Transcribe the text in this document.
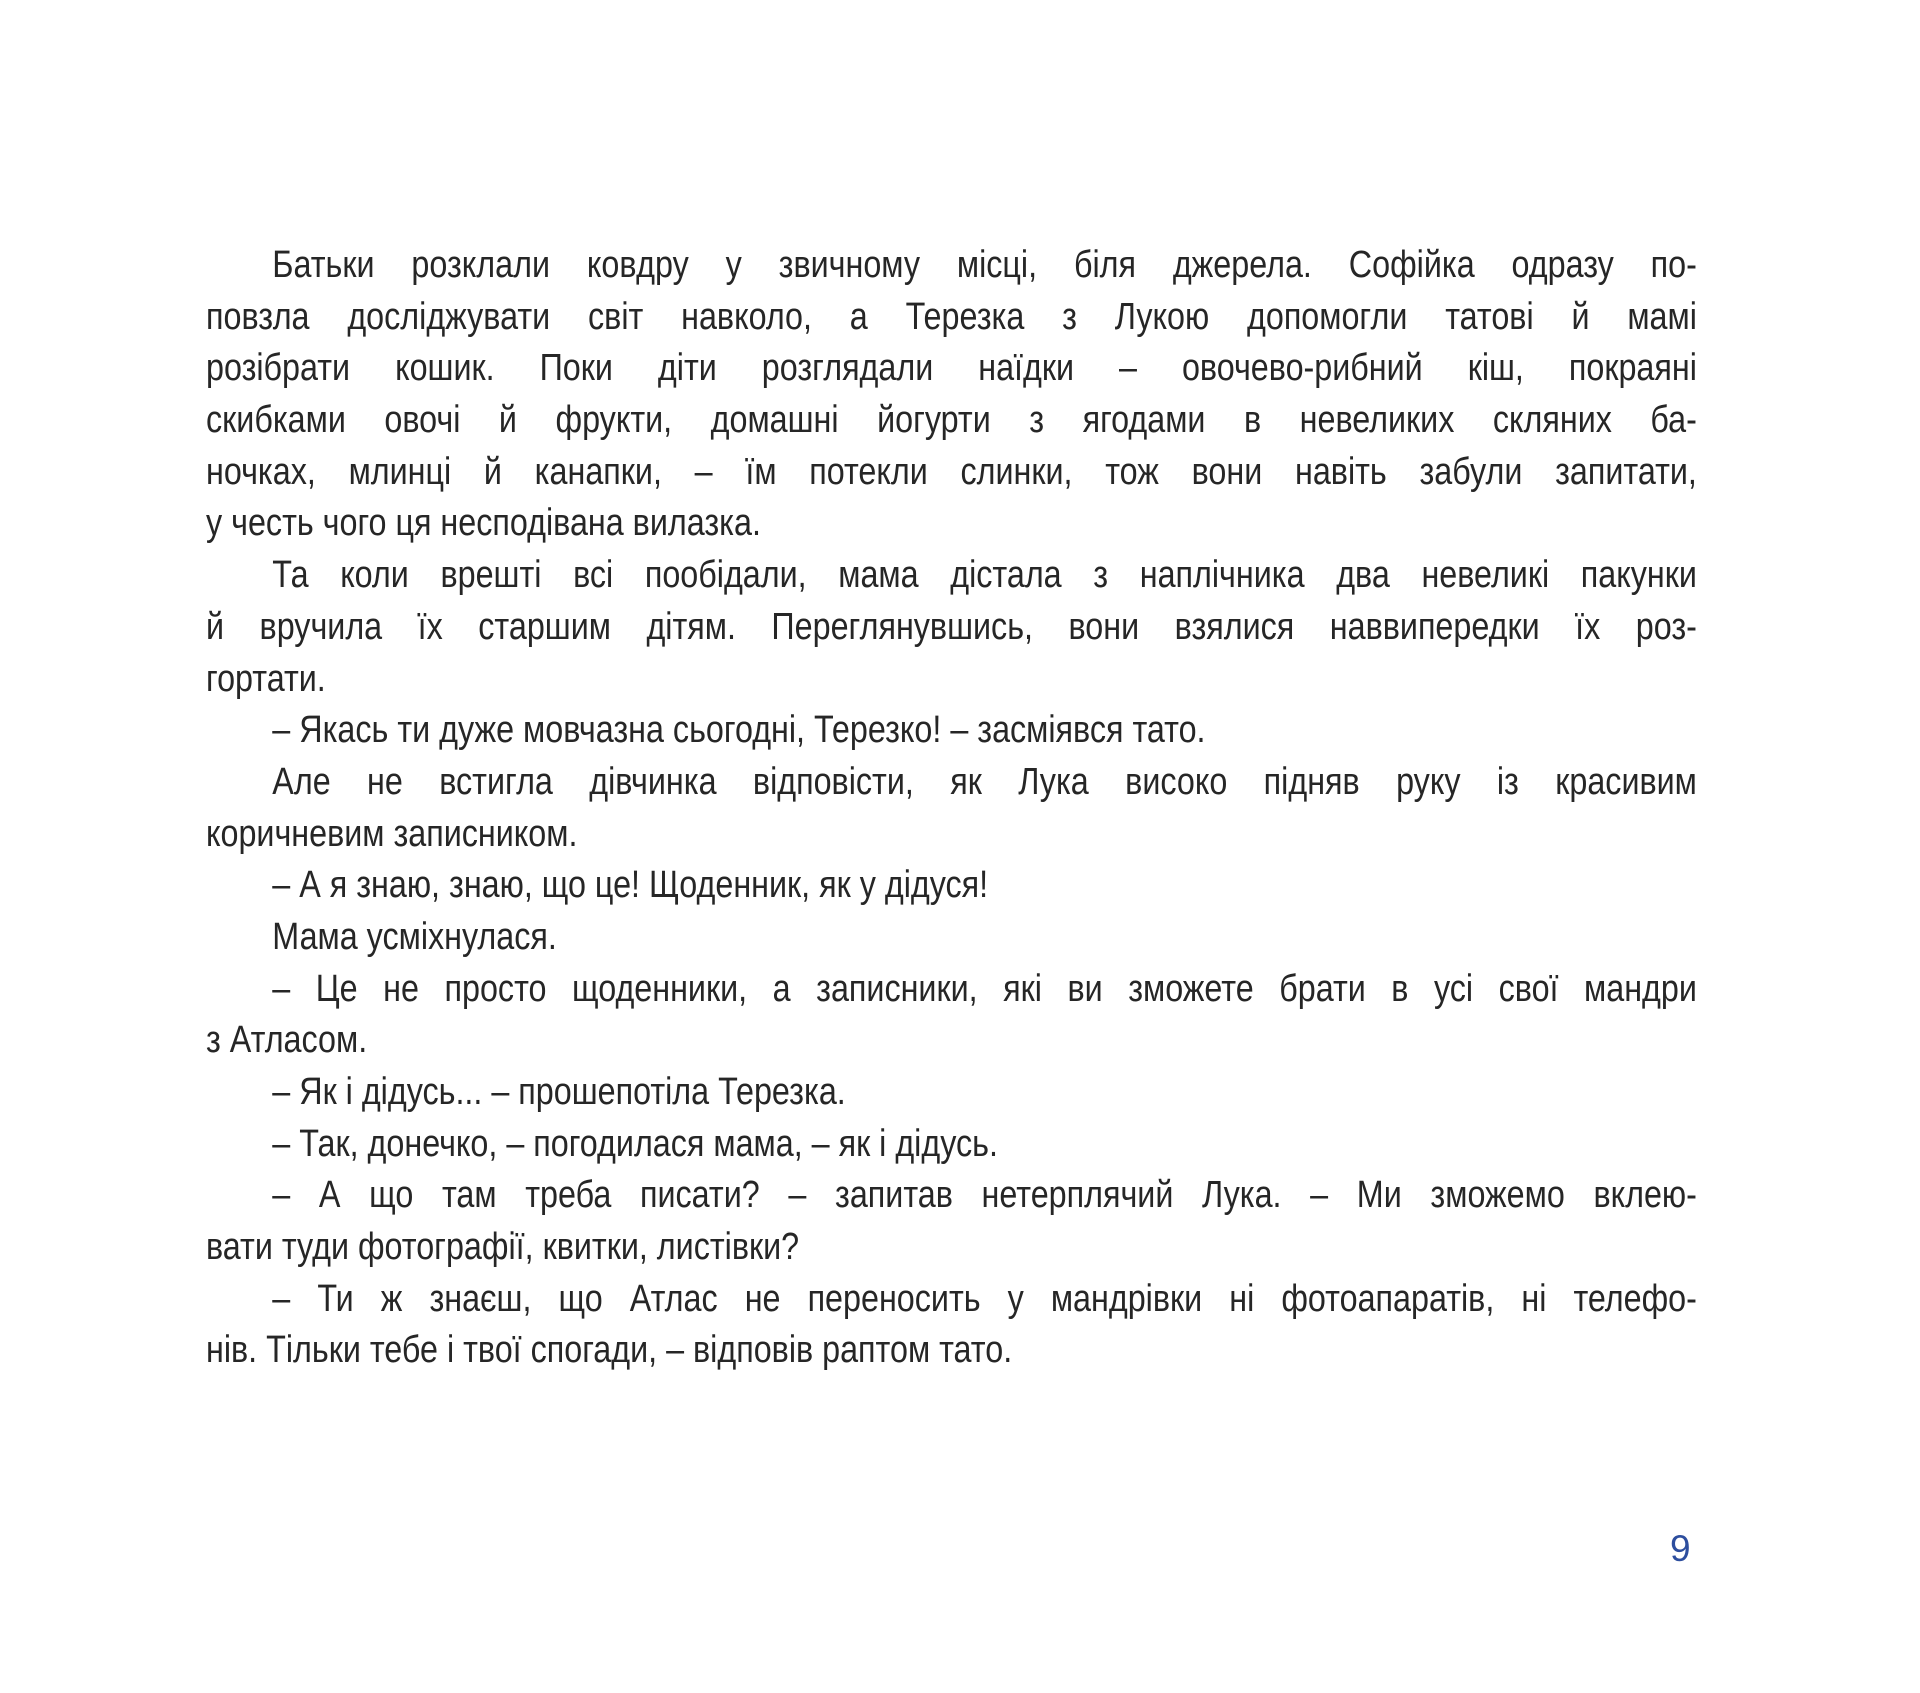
Батьки розклали ковдру у звичному місці, біля джерела. Софійка одразу по-
повзла досліджувати світ навколо, а Терезка з Лукою допомогли татові й мамі
розібрати кошик. Поки діти розглядали наїдки – овочево-рибний кіш, покраяні
скибками овочі й фрукти, домашні йогурти з ягодами в невеликих скляних ба-
ночках, млинці й канапки, – їм потекли слинки, тож вони навіть забули запитати,
у честь чого ця несподівана вилазка.
Та коли врешті всі пообідали, мама дістала з наплічника два невеликі пакунки
й вручила їх старшим дітям. Переглянувшись, вони взялися наввипередки їх роз-
гортати.
– Якась ти дуже мовчазна сьогодні, Терезко! – засміявся тато.
Але не встигла дівчинка відповісти, як Лука високо підняв руку із красивим
коричневим записником.
– А я знаю, знаю, що це! Щоденник, як у дідуся!
Мама усміхнулася.
– Це не просто щоденники, а записники, які ви зможете брати в усі свої мандри
з Атласом.
– Як і дідусь... – прошепотіла Терезка.
– Так, донечко, – погодилася мама, – як і дідусь.
– А що там треба писати? – запитав нетерплячий Лука. – Ми зможемо вклею-
вати туди фотографії, квитки, листівки?
– Ти ж знаєш, що Атлас не переносить у мандрівки ні фотоапаратів, ні телефо-
нів. Тільки тебе і твої спогади, – відповів раптом тато.
9
